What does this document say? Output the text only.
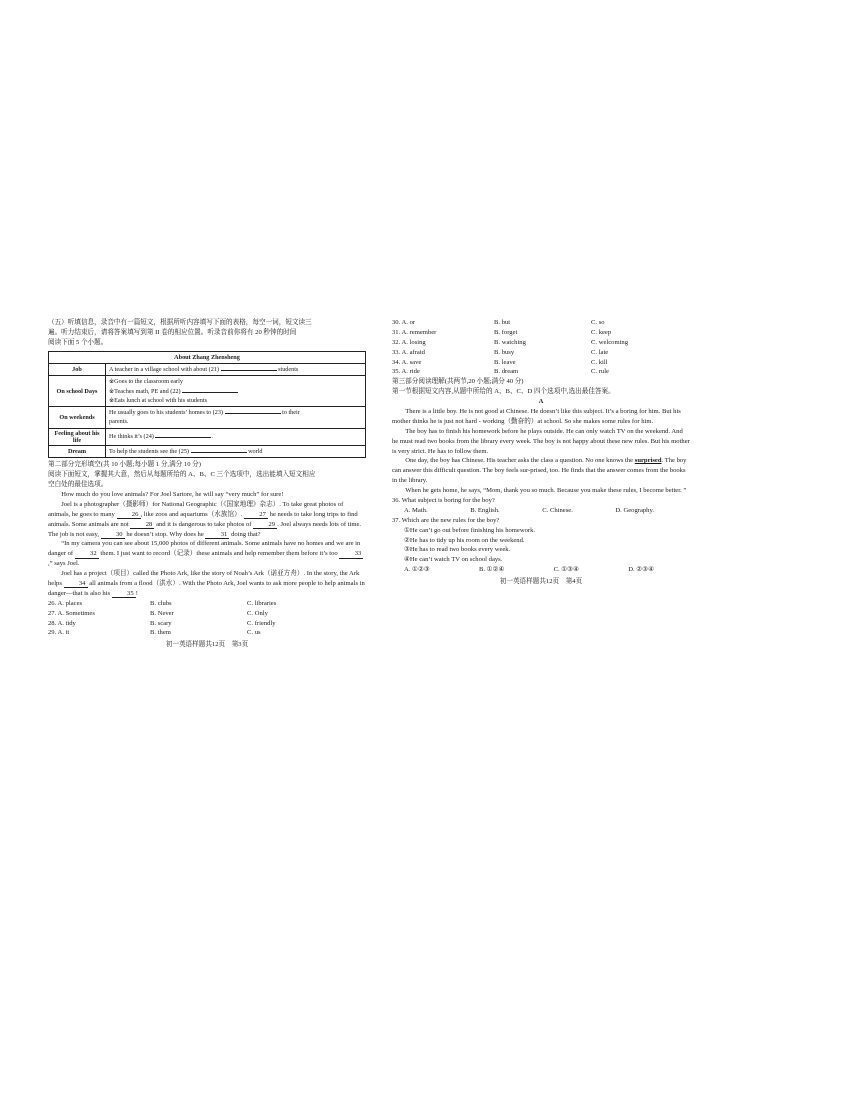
（五）听填信息，录音中有一篇短文，根据所听内容填写下面的表格，每空一词，短文读三

遍。听力结束后，请将答案填写到第 II 卷的相应位置。听录音前你将有 20 秒钟的时间

阅读下面 5 个小题。

About Zhang Zhensheng	
Job	A teacher in a village school with about (21) students
On school Days	※Goes to the classroom early
※Teaches math, PE and (22)
※Eats lunch at school with his students

On weekends	He usually goes to his students’ homes to (23) to their
parents.
Feeling about his life	He thinks it’s (24) .
Dream	To help the students see the (25) world

第二部分完形填空(共 10 小题;每小题 1 分,满分 10 分)

阅读下面短文，掌握其大意，然后从每题所给的 A、B、C 三个选项中，选出能填入短文相应

空白处的最佳选项。

How much do you love animals? For Joel Sartore, he will say “very much” for sure!

Joel is a photographer（摄影师）for National Geographic（《国家地理》杂志）. To take great photos of animals, he goes to many	26 , like zoos and aquariums（水族馆）.	27 he needs to take long trips to find animals. Some animals are not	28 and it is dangerous to take photos of	29 . Joel always needs lots of time. The job is not easy,	30 he doesn’t stop. Why does he	31 doing that?

“In my camera you can see about 15,000 photos of different animals. Some animals have no homes and we are in danger of	32 them. I just want to record（记录）these animals and help remember them before it’s too	33,” says Joel.

Joel has a project（项目）called the Photo Ark, like the story of Noah’s Ark（诺亚方舟）. In the story, the Ark helps	34 all animals from a flood（洪水）. With the Photo Ark, Joel wants to ask more people to help animals in danger—that is also his	35 !

26. A. places	B. clubs	C. libraries
27. A. Sometimes	B. Never	C. Only
28. A. tidy	B. scary	C. friendly
29. A. it	B. them	C. us

初一英语样题共12页　第3页

30. A. or	B. but	C. so
31. A. remember	B. forget	C. keep
32. A. losing	B. watching	C. welcoming
33. A. afraid	B. busy	C. late
34. A. save	B. leave	C. kill
35. A. ride	B. dream	C. rule

第三部分阅读理解(共两节,20 小题;满分 40 分)

第一节根据短文内容,从题中所给的 A、B、C、D 四个选项中,选出最佳答案。

A

There is a little boy. He is not good at Chinese. He doesn’t like this subject. It’s a boring for him. But his mother thinks he is just not hard - working（勤奋的）at school. So she makes some rules for him.

The boy has to finish his homework before he plays outside. He can only watch TV on the weekend. And he must read two books from the library every week. The boy is not happy about these new rules. But his mother is very strict. He has to follow them.

One day, the boy has Chinese. His teacher asks the class a question. No one knows the surprised. The boy can answer this difficult question. The boy feels sur-prised, too. He finds that the answer comes from the books in the library.

When he gets home, he says, “Mom, thank you so much. Because you make these rules, I become better. ”

36. What subject is boring for the boy?

A. Math.	B. English.	C. Chinese.	D. Geography.

37. Which are the new rules for the boy?

①He can’t go out before finishing his homework.

②He has to tidy up his room on the weekend.

③He has to read two books every week.

④He can’t watch TV on school days.

A. ①②③	B. ①②④	C. ①③④	D. ②③④

初一英语样题共12页　第4页
